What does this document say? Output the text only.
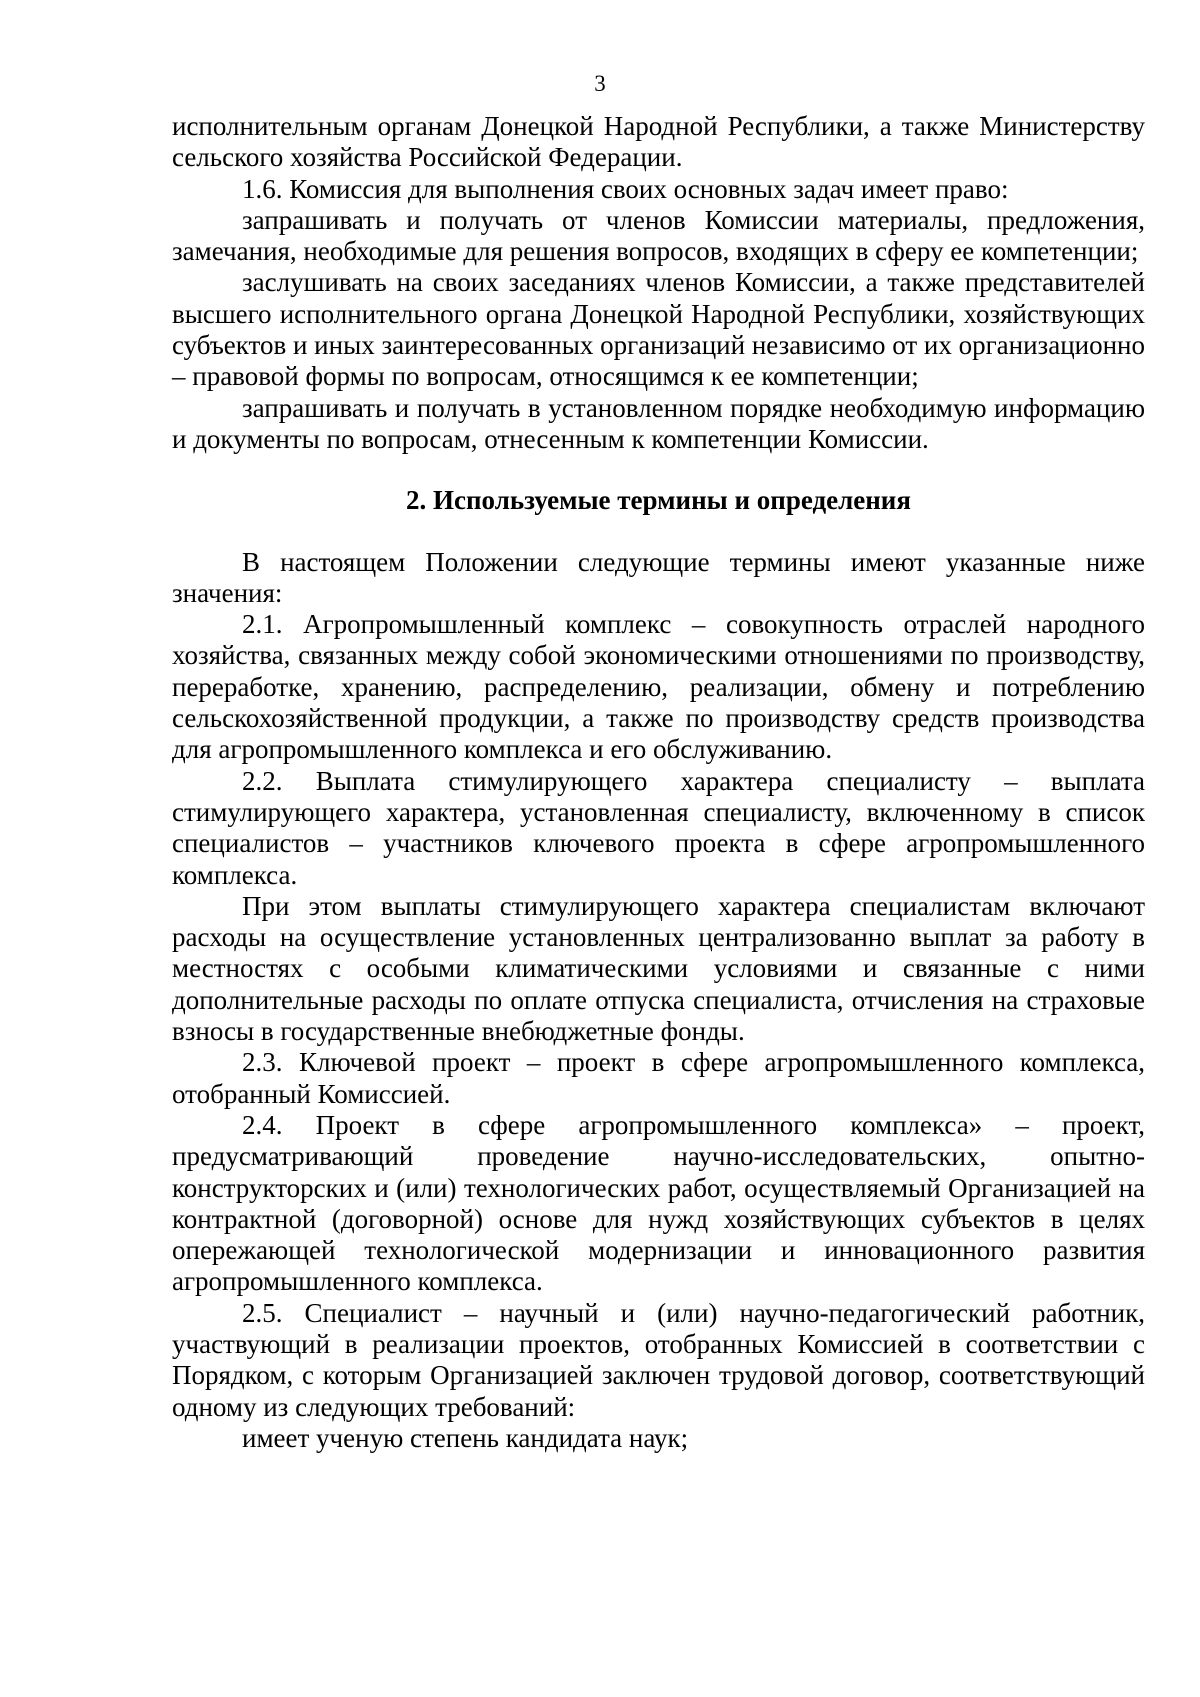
3

исполнительным органам Донецкой Народной Республики, а также Министерству сельского хозяйства Российской Федерации.

1.6. Комиссия для выполнения своих основных задач имеет право:

запрашивать и получать от членов Комиссии материалы, предложения, замечания, необходимые для решения вопросов, входящих в сферу ее компетенции;

заслушивать на своих заседаниях членов Комиссии, а также представителей высшего исполнительного органа Донецкой Народной Республики, хозяйствующих субъектов и иных заинтересованных организаций независимо от их организационно – правовой формы по вопросам, относящимся к ее компетенции;

запрашивать и получать в установленном порядке необходимую информацию и документы по вопросам, отнесенным к компетенции Комиссии.

2. Используемые термины и определения

В настоящем Положении следующие термины имеют указанные ниже значения:

2.1. Агропромышленный комплекс – совокупность отраслей народного хозяйства, связанных между собой экономическими отношениями по производству, переработке, хранению, распределению, реализации, обмену и потреблению сельскохозяйственной продукции, а также по производству средств производства для агропромышленного комплекса и его обслуживанию.

2.2. Выплата стимулирующего характера специалисту – выплата стимулирующего характера, установленная специалисту, включенному в список специалистов – участников ключевого проекта в сфере агропромышленного комплекса.

При этом выплаты стимулирующего характера специалистам включают расходы на осуществление установленных централизованно выплат за работу в местностях с особыми климатическими условиями и связанные с ними дополнительные расходы по оплате отпуска специалиста, отчисления на страховые взносы в государственные внебюджетные фонды.

2.3. Ключевой проект – проект в сфере агропромышленного комплекса, отобранный Комиссией.

2.4. Проект в сфере агропромышленного комплекса» – проект, предусматривающий проведение научно-исследовательских, опытно-конструкторских и (или) технологических работ, осуществляемый Организацией на контрактной (договорной) основе для нужд хозяйствующих субъектов в целях опережающей технологической модернизации и инновационного развития агропромышленного комплекса.

2.5. Специалист – научный и (или) научно-педагогический работник, участвующий в реализации проектов, отобранных Комиссией в соответствии с Порядком, с которым Организацией заключен трудовой договор, соответствующий одному из следующих требований:

имеет ученую степень кандидата наук;
